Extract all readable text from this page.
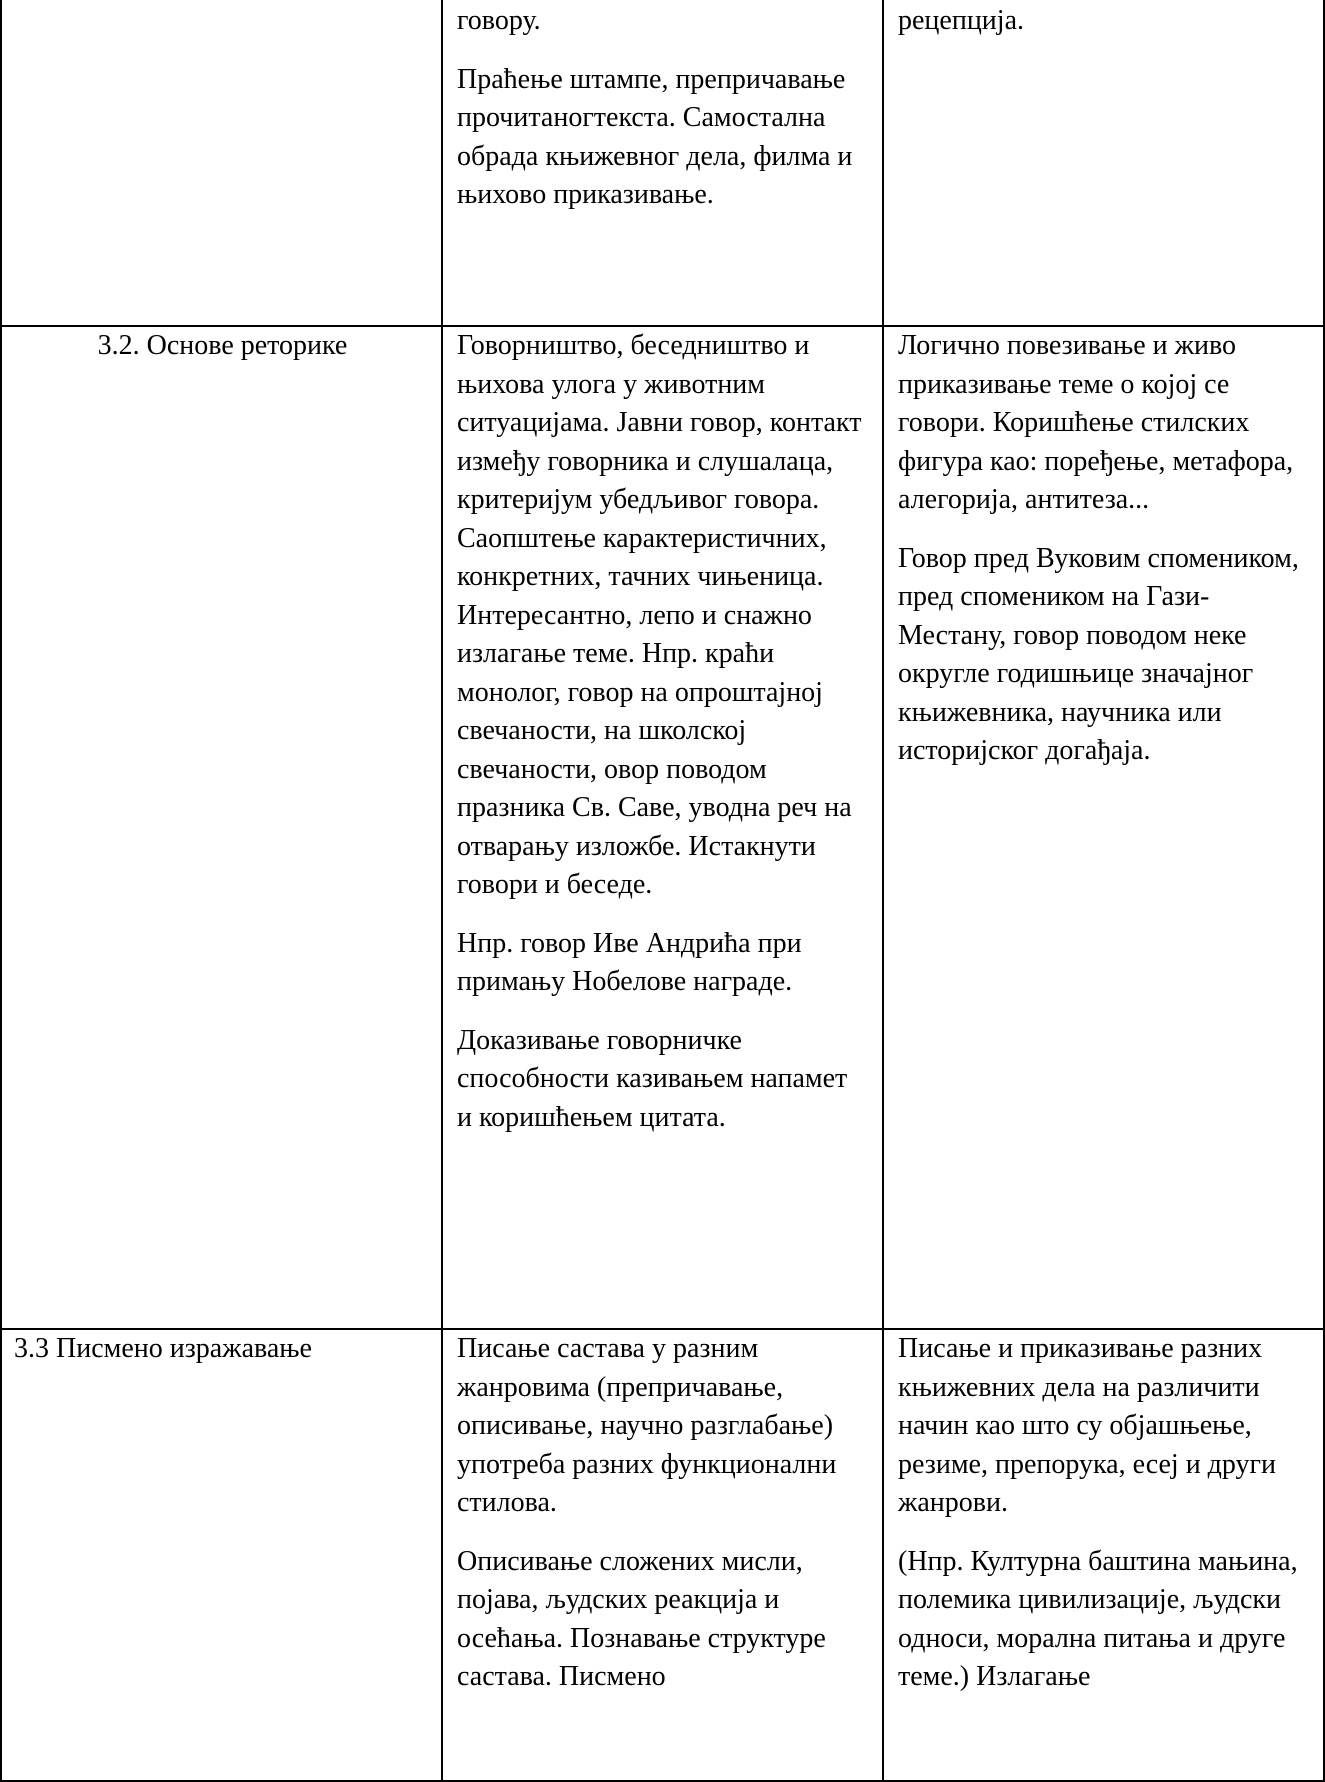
говору.

Праћење штампе, препричавање прочитаногтекста. Самостална обрада књижевног дела, филма и њихово приказивање.

рецепција.

3.2. Основе реторике	Говорништво, беседништво и њихова улога у животним ситуацијама. Јавни говор, контакт између говорника и слушалаца, критеријум убедљивог говора. Саопштење карактеристичних, конкретних, тачних чињеница. Интересантно, лепо и снажно излагање теме. Нпр. краћи монолог, говор на опроштајној свечаности, на школској свечаности, овор поводом празника Св. Саве, уводна реч на отварању изложбе. Истакнути говори и беседе.

Нпр. говор Иве Андрића при примању Нобелове награде.

Доказивање говорничке способности казивањем напамет и коришћењем цитата.

Логично повезивање и живо приказивање теме о којој се говори. Коришћење стилских фигура као: поређење, метафора, алегорија, антитеза...

Говор пред Вуковим спомеником, пред спомеником на Гази-Местану, говор поводом неке округле годишњице значајног књижевника, научника или историјског догађаја.

3.3 Писмено изражавање	Писање састава у разним жанровима (препричавање, описивање, научно разглабање) употреба разних функционални стилова.

Описивање сложених мисли, појава, људских реакција и осећања. Познавање структуре састава. Писмено

Писање и приказивање разних књижевних дела на различити начин као што су објашњење, резиме, препорука, есеј и други жанрови.

(Нпр. Културна баштина мањина, полемика цивилизације, људски односи, морална питања и друге теме.) Излагање
